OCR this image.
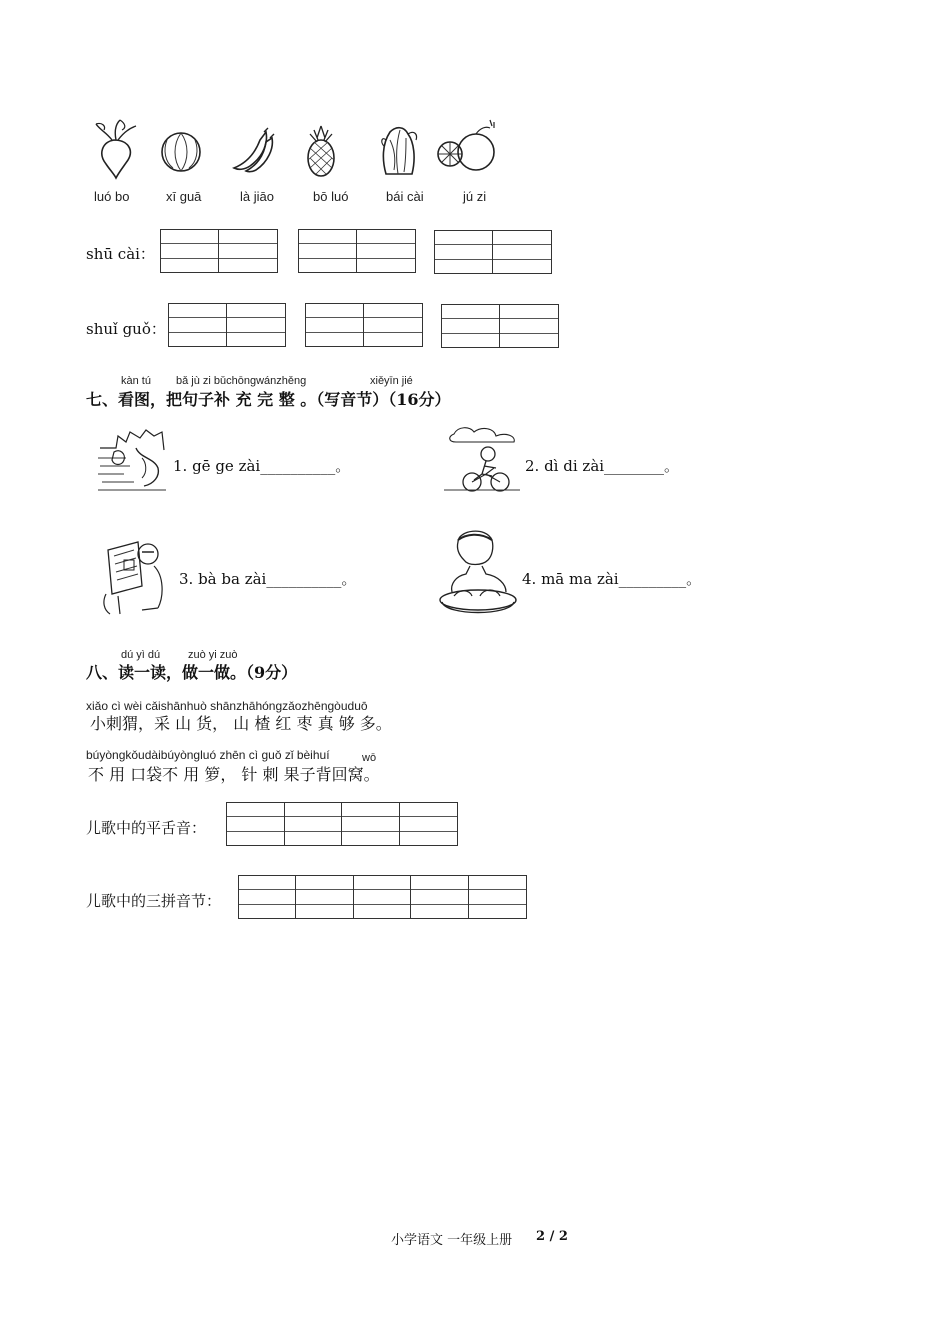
luó bo	xī guā	là jiāo	bō luó	bái cài	jú zi
shū cài：
shuǐ guǒ：
kàn tú bǎ jù zi bǔchōngwánzhěng	xiěyīn jié
七、看图，把句子补 充 完 整 。（写音节）（16分）
1. gē ge zài__________。	2. dì di zài________。
3. bà ba zài__________。	4. mā ma zài_________。
dú yì dú	zuò yi zuò
八、读一读，做一做。（9分）
xiǎo cì wèi cǎishānhuò shānzhāhóngzǎozhēngòuduō
小刺猬，采 山 货， 山 楂 红 枣 真 够 多。
búyòngkǒudàibúyòngluó zhēn cì guǒ zǐ bèihuí	wō
不 用 口袋不 用 箩， 针 刺 果子背回窝。
儿歌中的平舌音：
儿歌中的三拼音节：
小学语文 一年级上册 2 / 2
